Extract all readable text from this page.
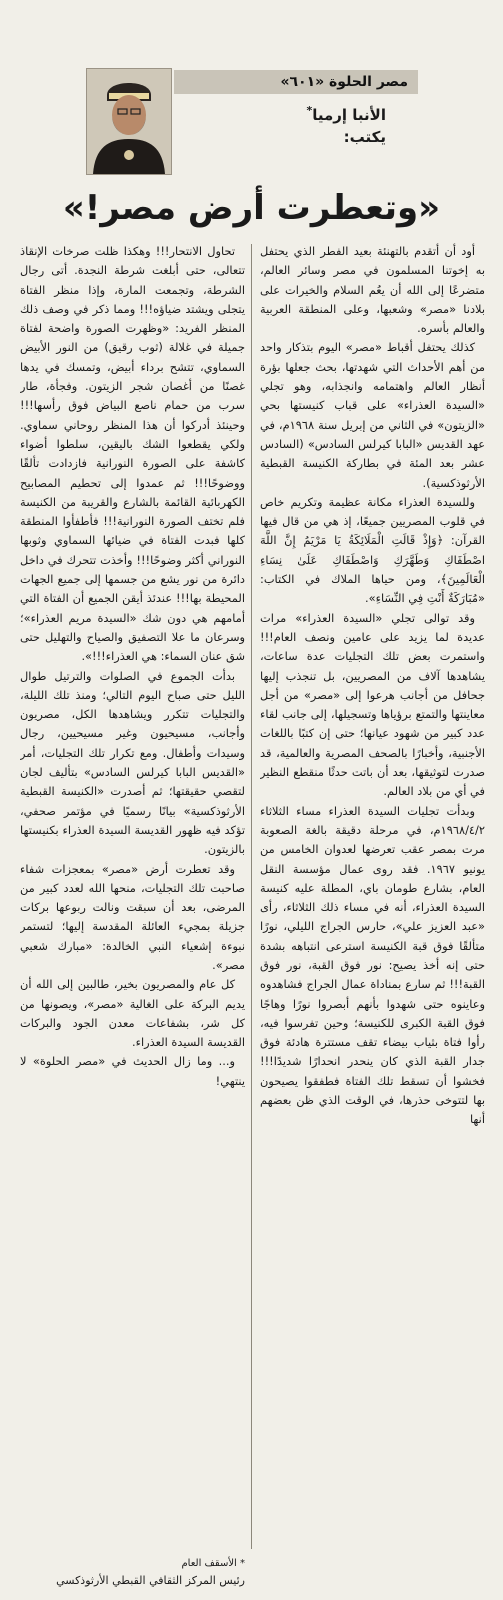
مصر الحلوة «٦٠١»
الأنبا إرميا*
يكتب:
«وتعطرت أرض مصر!»

أود أن أتقدم بالتهنئة بعيد الفطر الذي يحتفل به إخوتنا المسلمون في مصر وسائر العالم، متضرعًا إلى الله أن يعُم السلام والخيرات على بلادنا «مصر» وشعبها، وعلى المنطقة العربية والعالم بأسره.

كذلك يحتفل أقباط «مصر» اليوم بتذكار واحد من أهم الأحداث التي شهدتها، بحث جعلها بؤرة أنظار العالم واهتمامه وانجذابه، وهو تجلي «السيدة العذراء» على قباب كنيستها بحي «الزيتون» في الثاني من إبريل سنة ١٩٦٨م، في عهد القديس «البابا كيرلس السادس» (السادس عشر بعد المئة في بطاركة الكنيسة القبطية الأرثوذكسية).

وللسيدة العذراء مكانة عظيمة وتكريم خاص في قلوب المصريين جميعًا، إذ هي من قال فيها القرآن: ﴿وَإِذْ قَالَتِ الْمَلَائِكَةُ يَا مَرْيَمُ إِنَّ اللَّهَ اصْطَفَاكِ وَطَهَّرَكِ وَاصْطَفَاكِ عَلَىٰ نِسَاءِ الْعَالَمِينَ﴾، ومن حياها الملاك في الكتاب: «مُبَارَكَةٌ أَنْتِ فِي النِّسَاءِ».

وقد توالى تجلي «السيدة العذراء» مرات عديدة لما يزيد على عامين ونصف العام!!! واستمرت بعض تلك التجليات عدة ساعات، يشاهدها آلاف من المصريين، بل تنجذب إليها جحافل من أجانب هرعوا إلى «مصر» من أجل معاينتها والتمتع برؤياها وتسجيلها، إلى جانب لقاء عدد كبير من شهود عيانها؛ حتى إن كتبًا باللغات الأجنبية، وأخبارًا بالصحف المصرية والعالمية، قد صدرت لتوثيقها، بعد أن باتت حدثًا منقطع النظير في أي من بلاد العالم.

وبدأت تجليات السيدة العذراء مساء الثلاثاء ١٩٦٨/٤/٢م، في مرحلة دقيقة بالغة الصعوبة مرت بمصر عقب تعرضها لعدوان الخامس من يونيو ١٩٦٧. فقد روى عمال مؤسسة النقل العام، بشارع طومان باي، المطلة عليه كنيسة السيدة العذراء، أنه في مساء ذلك الثلاثاء، رأى «عبد العزيز علي»، حارس الجراج الليلي، نورًا متألقًا فوق قبة الكنيسة استرعى انتباهه بشدة حتى إنه أخذ يصيح: نور فوق القبة، نور فوق القبة!!! ثم سارع بمناداة عمال الجراج فشاهدوه وعاينوه حتى شهدوا بأنهم أبصروا نورًا وهاجًا فوق القبة الكبرى للكنيسة؛ وحين تفرسوا فيه، رأوا فتاة بثياب بيضاء تقف مستترة هادئة فوق جدار القبة الذي كان ينحدر انحدارًا شديدًا!!! فخشوا أن تسقط تلك الفتاة فطفقوا يصيحون بها لتتوخى حذرها، في الوقت الذي ظن بعضهم أنها

تحاول الانتحار!!! وهكذا ظلت صرخات الإنقاذ تتعالى، حتى أبلغت شرطة النجدة. أتى رجال الشرطة، وتجمعت المارة، وإذا منظر الفتاة يتجلى ويشتد ضياؤه!!! ومما ذكر في وصف ذلك المنظر الفريد: «وظهرت الصورة واضحة لفتاة جميلة في غلالة (ثوب رقيق) من النور الأبيض السماوي، تتشح برداء أبيض، وتمسك في يدها غصنًا من أغصان شجر الزيتون. وفجأة، طار سرب من حمام ناصع البياض فوق رأسها!!! وحينئذ أدركوا أن هذا المنظر روحاني سماوي. ولكي يقطعوا الشك باليقين، سلطوا أضواء كاشفة على الصورة النورانية فازدادت تألقًا ووضوحًا!!! ثم عمدوا إلى تحطيم المصابيح الكهربائية القائمة بالشارع والقريبة من الكنيسة فلم تختف الصورة النورانية!!! فأطفأوا المنطقة كلها فبدت الفتاة في ضيائها السماوي وثوبها النوراني أكثر وضوحًا!!! وأخذت تتحرك في داخل دائرة من نور يشع من جسمها إلى جميع الجهات المحيطة بها!!! عندئذ أيقن الجميع أن الفتاة التي أمامهم هي دون شك «السيدة مريم العذراء»؛ وسرعان ما علا التصفيق والصياح والتهليل حتى شق عنان السماء: هي العذراء!!!».

بدأت الجموع في الصلوات والترتيل طوال الليل حتى صباح اليوم التالي؛ ومنذ تلك الليلة، والتجليات تتكرر ويشاهدها الكل، مصريون وأجانب، مسيحيون وغير مسيحيين، رجال وسيدات وأطفال. ومع تكرار تلك التجليات، أمر «القديس البابا كيرلس السادس» بتأليف لجان لتقصي حقيقتها؛ ثم أصدرت «الكنيسة القبطية الأرثوذكسية» بيانًا رسميًا في مؤتمر صحفي، تؤكد فيه ظهور القديسة السيدة العذراء بكنيستها بالزيتون.

وقد تعطرت أرض «مصر» بمعجزات شفاء صاحبت تلك التجليات، منحها الله لعدد كبير من المرضى، بعد أن سبقت ونالت ربوعها بركات جزيلة بمجيء العائلة المقدسة إليها؛ لتستمر نبوءة إشعياء النبي الخالدة: «مبارك شعبي مصر».

كل عام والمصريون بخير، طالبين إلى الله أن يديم البركة على الغالية «مصر»، ويصونها من كل شر، بشفاعات معدن الجود والبركات القديسة السيدة العذراء.

و... وما زال الحديث في «مصر الحلوة» لا ينتهي!

* الأسقف العام
رئيس المركز الثقافي القبطي الأرثوذكسي
